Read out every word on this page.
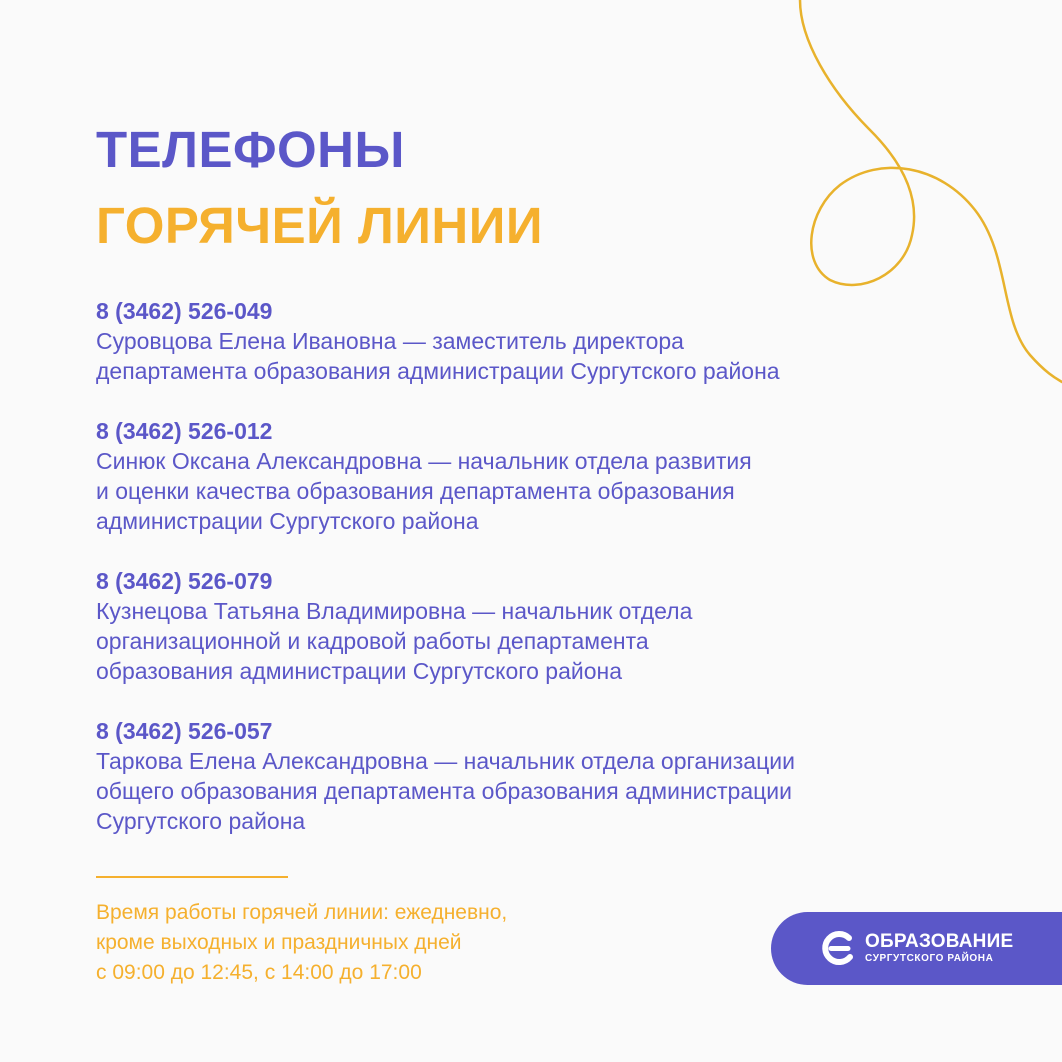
ТЕЛЕФОНЫ
ГОРЯЧЕЙ ЛИНИИ
8 (3462) 526-049
Суровцова Елена Ивановна — заместитель директора
департамента образования администрации Сургутского района
8 (3462) 526-012
Синюк Оксана Александровна — начальник отдела развития
и оценки качества образования департамента образования
администрации Сургутского района
8 (3462) 526-079
Кузнецова Татьяна Владимировна — начальник отдела
организационной и кадровой работы департамента
образования администрации Сургутского района
8 (3462) 526-057
Таркова Елена Александровна — начальник отдела организации
общего образования департамента образования администрации
Сургутского района

Время работы горячей линии: ежедневно,
кроме выходных и праздничных дней
с 09:00 до 12:45, с 14:00 до 17:00

ОБРАЗОВАНИЕ
СУРГУТСКОГО РАЙОНА
